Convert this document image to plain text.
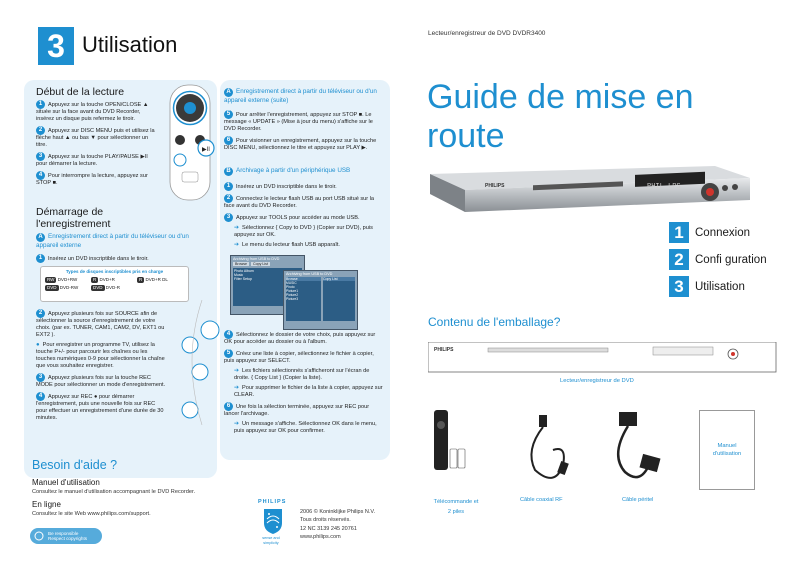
3 Utilisation	Lecteur/enregistreur de DVD DVDR3400
Début de la lecture
1 Appuyez sur la touche OPEN/CLOSE ▲ située sur la face avant du DVD Recorder, insérez un disque puis refermez le tiroir.
2 Appuyez sur DISC MENU puis et utilisez la flèche haut ▲ ou bas ▼ pour sélectionner un titre.
3 Appuyez sur la touche PLAY/PAUSE ▶II pour démarrer la lecture.
4 Pour interrompre la lecture, appuyez sur STOP ■.
▶II
Démarrage de
l'enregistrement
A Enregistrement direct à partir du téléviseur ou d'un appareil externe
1 Insérez un DVD inscriptible dans le tiroir.
Types de disques inscriptibles pris en charge
RW DVD+RW	R DVD+R	R DVD+R DL
DVD DVD-RW	DVD DVD-R
2 Appuyez plusieurs fois sur SOURCE afin de sélectionner la source d'enregistrement de votre choix. (par ex. TUNER, CAM1, CAM2, DV, EXT1 ou EXT2 ).
● Pour enregistrer un programme TV, utilisez la touche P+/- pour parcourir les chaînes ou les touches numériques 0-9 pour sélectionner la chaîne que vous souhaitez enregistrer.
3 Appuyez plusieurs fois sur la touche REC MODE pour sélectionner un mode d'enregistrement.
4 Appuyez sur REC ● pour démarrer l'enregistrement, puis une nouvelle fois sur REC pour effectuer un enregistrement d'une durée de 30 minutes.
Besoin d'aide ?
Manuel d'utilisation
Consultez le manuel d'utilisation accompagnant le DVD Recorder.
En ligne
Consultez le site Web www.philips.com/support.
Be responsible
Respect copyrights
A Enregistrement direct à partir du téléviseur ou d'un appareil externe (suite)
5 Pour arrêter l'enregistrement, appuyez sur STOP ■. Le message « UPDATE » (Mise à jour du menu) s'affiche sur le DVD Recorder.
6 Pour visionner un enregistrement, appuyez sur la touche DISC MENU, sélectionnez le titre et appuyez sur PLAY ▶.
B Archivage à partir d'un périphérique USB
1 Insérez un DVD inscriptible dans le tiroir.
2 Connectez le lecteur flash USB au port USB situé sur la face avant du DVD Recorder.
3 Appuyez sur TOOLS pour accéder au mode USB.
➔ Sélectionnez { Copy to DVD } (Copier sur DVD), puis appuyez sur OK.
➔ Le menu du lecteur flash USB apparaît.
Archiving from USB to DVD
Browse	Copy List
Photo Album
Music
Filter Setup
Archiving from USB to DVD
Browse
MUSIC
Photo
Picture1
Picture2
Picture3
Copy List
4 Sélectionnez le dossier de votre choix, puis appuyez sur OK pour accéder au dossier ou à l'album.
5 Créez une liste à copier, sélectionnez le fichier à copier, puis appuyez sur SELECT.
➔ Les fichiers sélectionnés s'afficheront sur l'écran de droite. { Copy List } (Copier la liste).
➔ Pour supprimer le fichier de la liste à copier, appuyez sur CLEAR.
6 Une fois la sélection terminée, appuyez sur REC pour lancer l'archivage.
➔ Un message s'affiche. Sélectionnez OK dans le menu, puis appuyez sur OK pour confirmer.
PHILIPS
sense and simplicity
2006 © Koninklijke Philips N.V.
Tous droits réservés.
12 NC 3139 245 20761
www.philips.com
Guide de mise en
route
PHIL LPS
PHILIPS
1 Connexion
2 Confi guration
3 Utilisation
Contenu de l'emballage?
PHILIPS
Lecteur/enregistreur de DVD
Télécommande et
2 piles
Câble coaxial RF	Câble péritel
Manuel
d'utilisation
